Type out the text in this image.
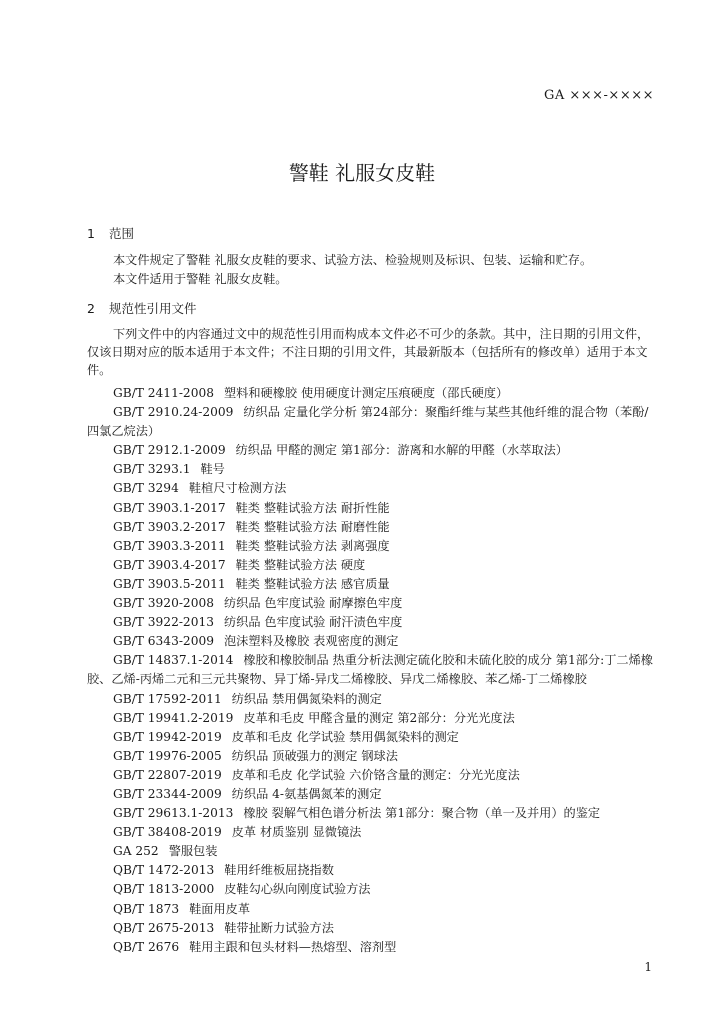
GA ×××-××××
警鞋 礼服女皮鞋
1 范围
本文件规定了警鞋 礼服女皮鞋的要求、试验方法、检验规则及标识、包装、运输和贮存。
本文件适用于警鞋 礼服女皮鞋。
2 规范性引用文件
下列文件中的内容通过文中的规范性引用而构成本文件必不可少的条款。其中，注日期的引用文件，仅该日期对应的版本适用于本文件；不注日期的引用文件，其最新版本（包括所有的修改单）适用于本文件。
GB/T 2411-2008 塑料和硬橡胶 使用硬度计测定压痕硬度（邵氏硬度）
GB/T 2910.24-2009 纺织品 定量化学分析 第24部分：聚酯纤维与某些其他纤维的混合物（苯酚/四氯乙烷法）
GB/T 2912.1-2009 纺织品 甲醛的测定 第1部分：游离和水解的甲醛（水萃取法）
GB/T 3293.1 鞋号
GB/T 3294 鞋楦尺寸检测方法
GB/T 3903.1-2017 鞋类 整鞋试验方法 耐折性能
GB/T 3903.2-2017 鞋类 整鞋试验方法 耐磨性能
GB/T 3903.3-2011 鞋类 整鞋试验方法 剥离强度
GB/T 3903.4-2017 鞋类 整鞋试验方法 硬度
GB/T 3903.5-2011 鞋类 整鞋试验方法 感官质量
GB/T 3920-2008 纺织品 色牢度试验 耐摩擦色牢度
GB/T 3922-2013 纺织品 色牢度试验 耐汗渍色牢度
GB/T 6343-2009 泡沫塑料及橡胶 表观密度的测定
GB/T 14837.1-2014 橡胶和橡胶制品 热重分析法测定硫化胶和未硫化胶的成分 第1部分:丁二烯橡胶、乙烯-丙烯二元和三元共聚物、异丁烯-异戊二烯橡胶、异戊二烯橡胶、苯乙烯-丁二烯橡胶
GB/T 17592-2011 纺织品 禁用偶氮染料的测定
GB/T 19941.2-2019 皮革和毛皮 甲醛含量的测定 第2部分：分光光度法
GB/T 19942-2019 皮革和毛皮 化学试验 禁用偶氮染料的测定
GB/T 19976-2005 纺织品 顶破强力的测定 钢球法
GB/T 22807-2019 皮革和毛皮 化学试验 六价铬含量的测定：分光光度法
GB/T 23344-2009 纺织品 4-氨基偶氮苯的测定
GB/T 29613.1-2013 橡胶 裂解气相色谱分析法 第1部分：聚合物（单一及并用）的鉴定
GB/T 38408-2019 皮革 材质鉴别 显微镜法
GA 252 警服包装
QB/T 1472-2013 鞋用纤维板屈挠指数
QB/T 1813-2000 皮鞋勾心纵向刚度试验方法
QB/T 1873 鞋面用皮革
QB/T 2675-2013 鞋带扯断力试验方法
QB/T 2676 鞋用主跟和包头材料—热熔型、溶剂型
1
